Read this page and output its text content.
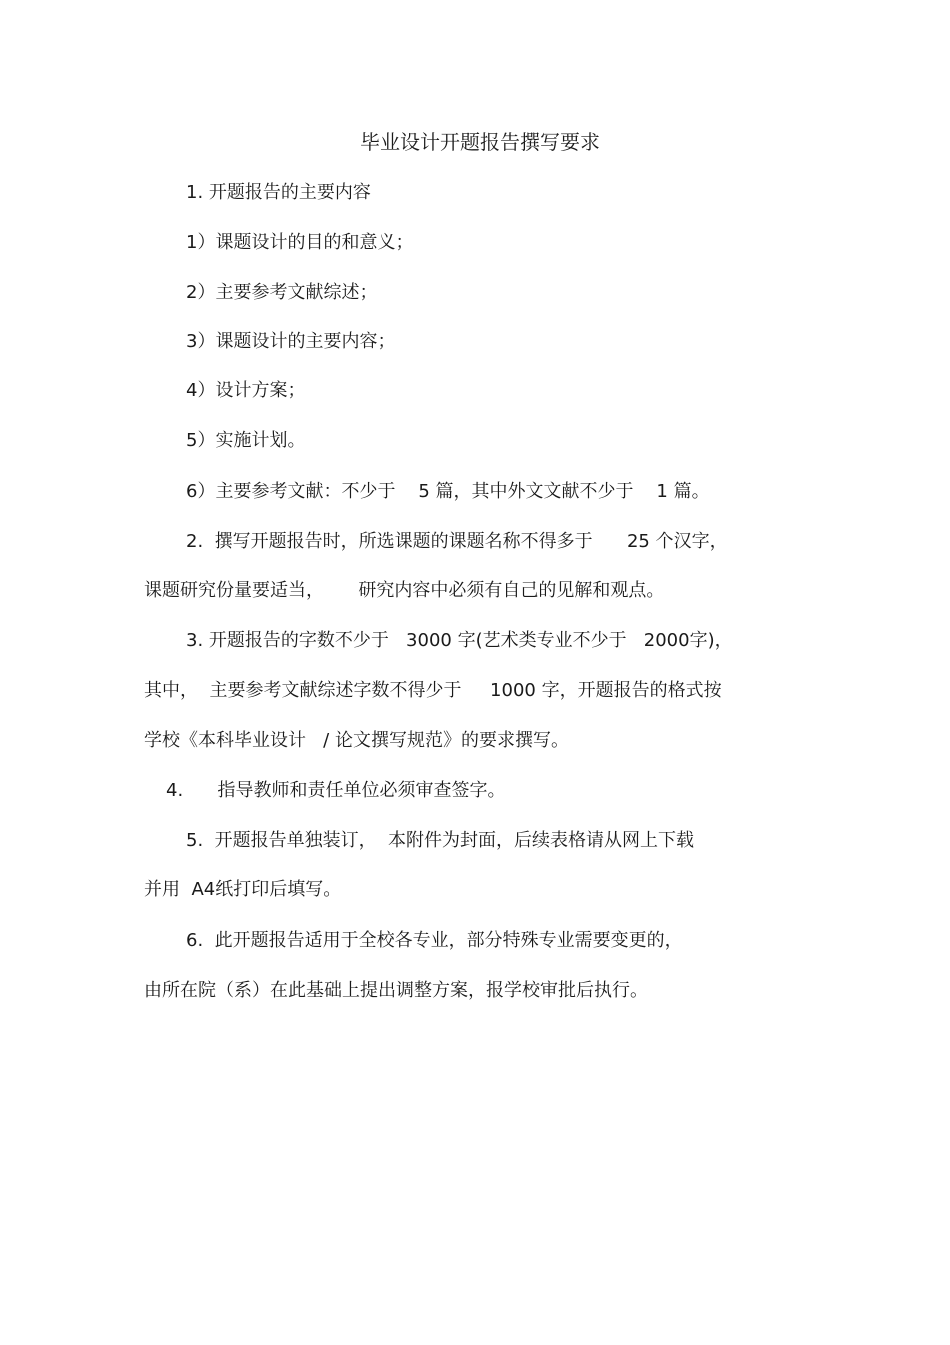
毕业设计开题报告撰写要求
1. 开题报告的主要内容
1）课题设计的目的和意义；
2）主要参考文献综述；
3）课题设计的主要内容；
4）设计方案；
5）实施计划。
6）主要参考文献：不少于    5 篇，其中外文文献不少于    1 篇。
2.  撰写开题报告时，所选课题的课题名称不得多于      25 个汉字，
课题研究份量要适当，      研究内容中必须有自己的见解和观点。
3. 开题报告的字数不少于   3000 字(艺术类专业不少于   2000字)，
其中，  主要参考文献综述字数不得少于     1000 字，开题报告的格式按
学校《本科毕业设计   / 论文撰写规范》的要求撰写。
4.      指导教师和责任单位必须审查签字。
5.  开题报告单独装订，  本附件为封面，后续表格请从网上下载
并用  A4纸打印后填写。
6.  此开题报告适用于全校各专业，部分特殊专业需要变更的，
由所在院（系）在此基础上提出调整方案，报学校审批后执行。
